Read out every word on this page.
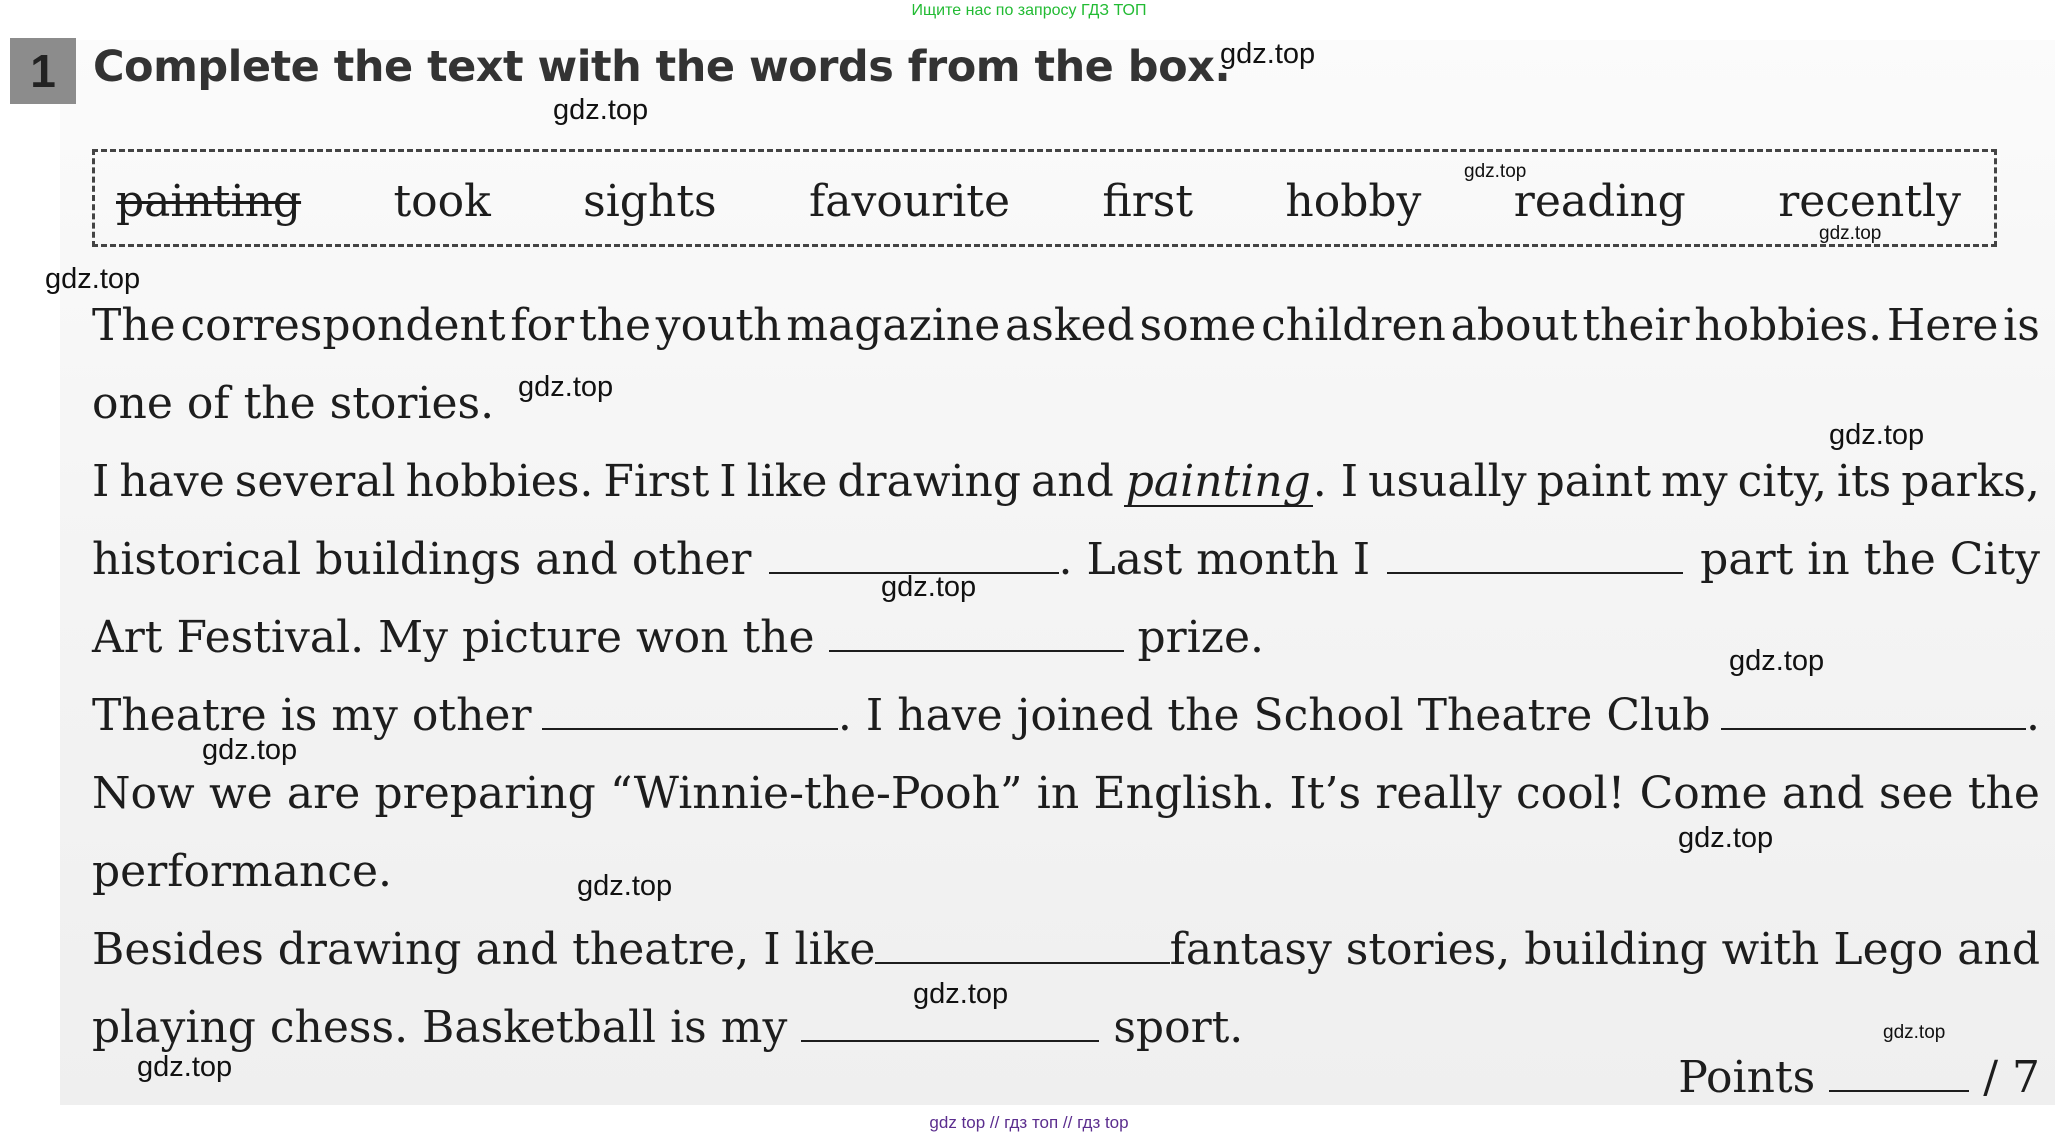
Ищите нас по запросу ГДЗ ТОП
1 Complete the text with the words from the box.
painting took sights favourite first hobby reading recently
The correspondent for the youth magazine asked some children about their hobbies. Here is
one of the stories.
I have several hobbies. First I like drawing and painting. I usually paint my city, its parks,
historical buildings and other	. Last month I	part in the City
Art Festival. My picture won the	prize.
Theatre is my other	. I have joined the School Theatre Club	.
Now we are preparing “Winnie-the-Pooh” in English. It’s really cool! Come and see the
performance.
Besides drawing and theatre, I like	fantasy stories, building with Lego and
playing chess. Basketball is my	sport.
Points	/ 7
gdz.top
gdz.top
gdz.top
gdz.top
gdz.top
gdz.top
gdz.top
gdz.top
gdz.top
gdz.top
gdz.top
gdz.top
gdz.top
gdz.top
gdz.top
gdz top // гдз топ // гдз top
